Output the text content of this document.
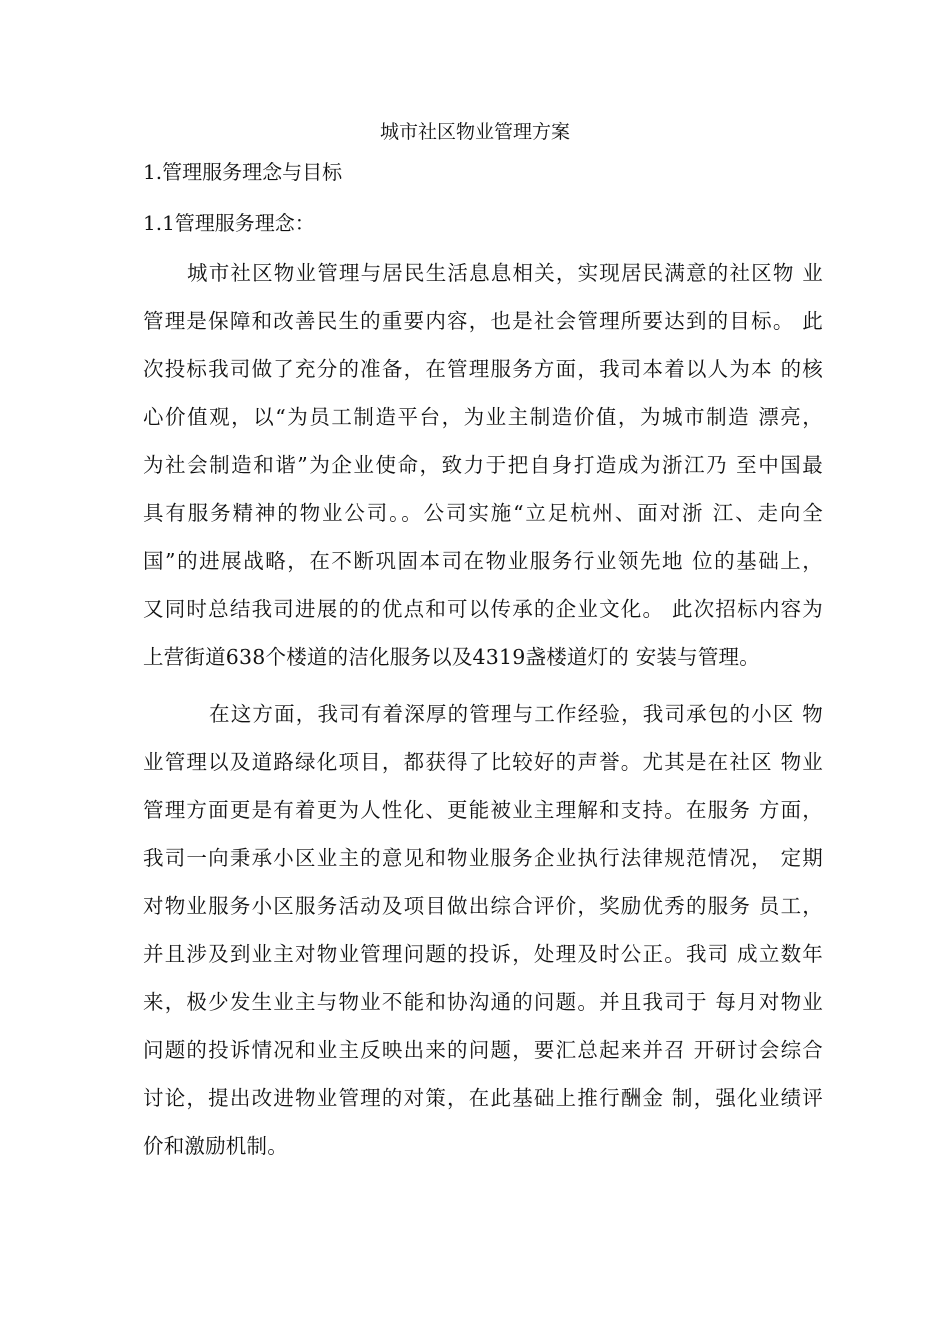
城市社区物业管理方案
1.管理服务理念与目标
1.1管理服务理念：
城市社区物业管理与居民生活息息相关，实现居民满意的社区物 业
管理是保障和改善民生的重要内容，也是社会管理所要达到的目标。 此
次投标我司做了充分的准备，在管理服务方面，我司本着以人为本 的核
心价值观，以“为员工制造平台，为业主制造价值，为城市制造 漂亮，
为社会制造和谐”为企业使命，致力于把自身打造成为浙江乃 至中国最
具有服务精神的物业公司。。公司实施“立足杭州、面对浙 江、走向全
国”的进展战略，在不断巩固本司在物业服务行业领先地 位的基础上，
又同时总结我司进展的的优点和可以传承的企业文化。 此次招标内容为
上营街道638个楼道的洁化服务以及4319盏楼道灯的 安装与管理。
在这方面，我司有着深厚的管理与工作经验，我司承包的小区 物
业管理以及道路绿化项目，都获得了比较好的声誉。尤其是在社区 物业
管理方面更是有着更为人性化、更能被业主理解和支持。在服务 方面，
我司一向秉承小区业主的意见和物业服务企业执行法律规范情况， 定期
对物业服务小区服务活动及项目做出综合评价，奖励优秀的服务 员工，
并且涉及到业主对物业管理问题的投诉，处理及时公正。我司 成立数年
来，极少发生业主与物业不能和协沟通的问题。并且我司于 每月对物业
问题的投诉情况和业主反映出来的问题，要汇总起来并召 开研讨会综合
讨论，提出改进物业管理的对策，在此基础上推行酬金 制，强化业绩评
价和激励机制。
